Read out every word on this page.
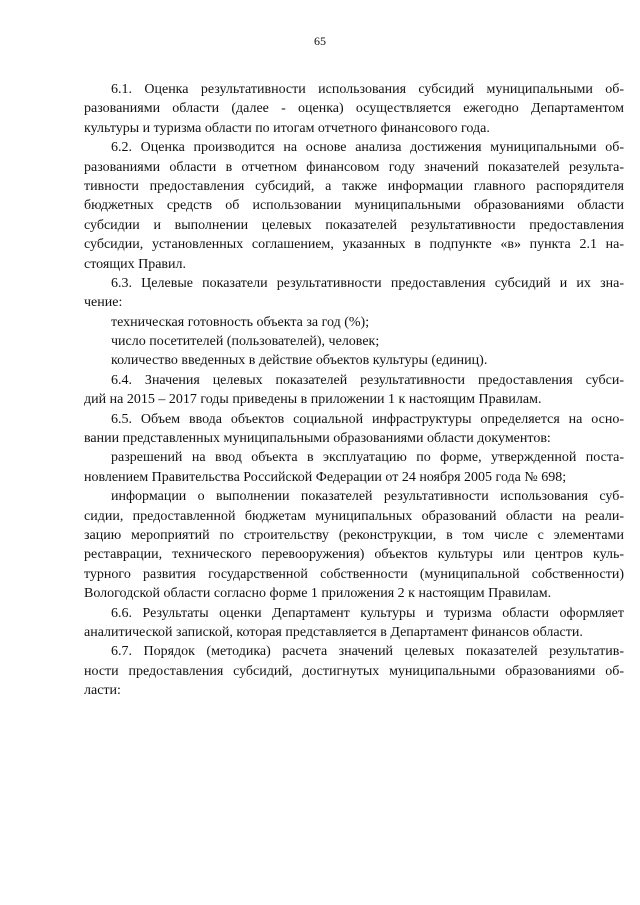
65
6.1. Оценка результативности использования субсидий муниципальными об-
разованиями области (далее - оценка) осуществляется ежегодно Департаментом
культуры и туризма области по итогам отчетного финансового года.
6.2. Оценка производится на основе анализа достижения муниципальными об-
разованиями области в отчетном финансовом году значений показателей результа-
тивности предоставления субсидий, а также информации главного распорядителя
бюджетных средств об использовании муниципальными образованиями области
субсидии и выполнении целевых показателей результативности предоставления
субсидии, установленных соглашением, указанных в подпункте «в» пункта 2.1 на-
стоящих Правил.
6.3. Целевые показатели результативности предоставления субсидий и их зна-
чение:
техническая готовность объекта за год (%);
число посетителей (пользователей), человек;
количество введенных в действие объектов культуры (единиц).
6.4. Значения целевых показателей результативности предоставления субси-
дий на 2015 – 2017 годы приведены в приложении 1 к настоящим Правилам.
6.5. Объем ввода объектов социальной инфраструктуры определяется на осно-
вании представленных муниципальными образованиями области документов:
разрешений на ввод объекта в эксплуатацию по форме, утвержденной поста-
новлением Правительства Российской Федерации от 24 ноября 2005 года № 698;
информации о выполнении показателей результативности использования суб-
сидии, предоставленной бюджетам муниципальных образований области на реали-
зацию мероприятий по строительству (реконструкции, в том числе с элементами
реставрации, технического перевооружения) объектов культуры или центров куль-
турного развития государственной собственности (муниципальной собственности)
Вологодской области согласно форме 1 приложения 2 к настоящим Правилам.
6.6. Результаты оценки Департамент культуры и туризма области оформляет
аналитической запиской, которая представляется в Департамент финансов области.
6.7. Порядок (методика) расчета значений целевых показателей результатив-
ности предоставления субсидий, достигнутых муниципальными образованиями об-
ласти:
